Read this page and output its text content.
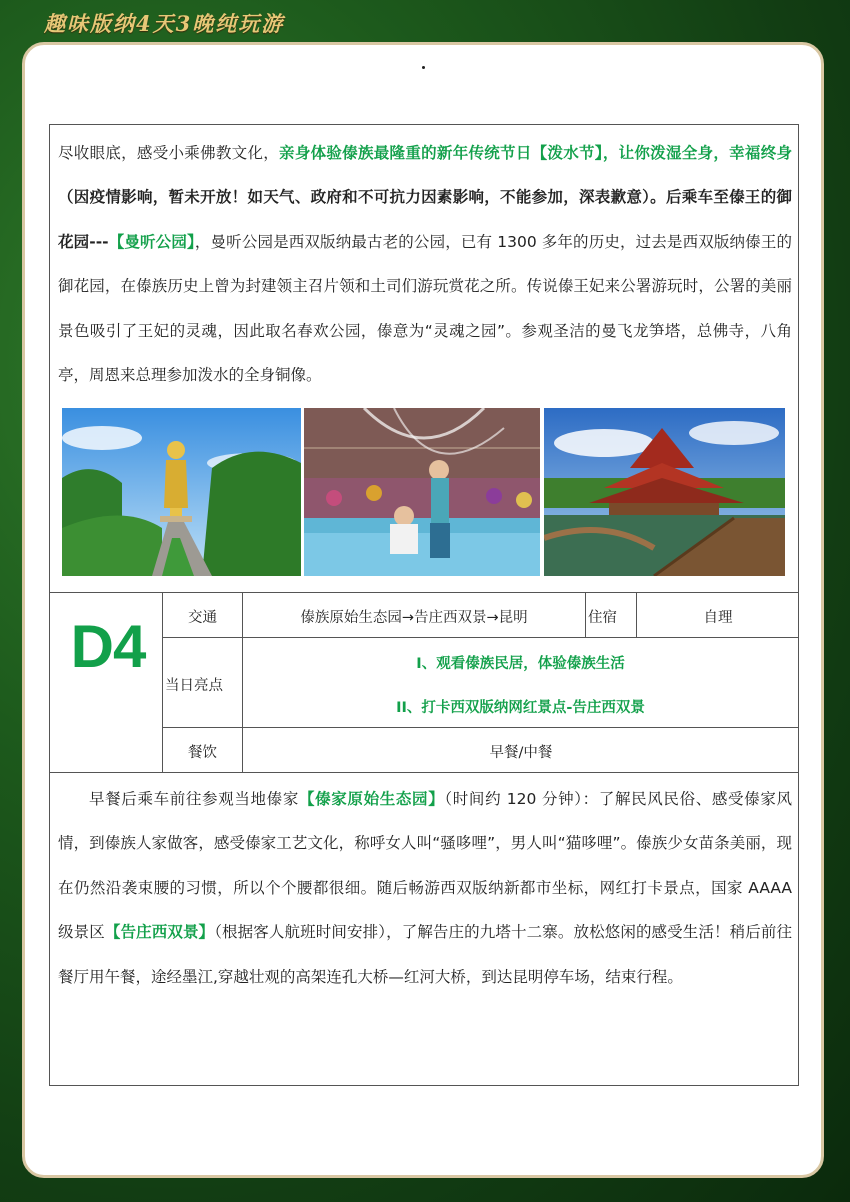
趣味版纳4天3晚纯玩游

尽收眼底，感受小乘佛教文化，亲身体验傣族最隆重的新年传统节日【泼水节】，让你泼湿全身，幸福终身（因疫情影响，暂未开放！如天气、政府和不可抗力因素影响，不能参加，深表歉意）。后乘车至傣王的御花园---【曼听公园】，曼听公园是西双版纳最古老的公园，已有 1300 多年的历史，过去是西双版纳傣王的御花园，在傣族历史上曾为封建领主召片领和土司们游玩赏花之所。传说傣王妃来公署游玩时，公署的美丽景色吸引了王妃的灵魂，因此取名春欢公园，傣意为“灵魂之园”。参观圣洁的曼飞龙笋塔，总佛寺，八角亭，周恩来总理参加泼水的全身铜像。

D4	交通	傣族原始生态园→告庄西双景→昆明	住宿	自理
当日亮点
I、观看傣族民居，体验傣族生活
II、打卡西双版纳网红景点-告庄西双景
餐饮	早餐/中餐

早餐后乘车前往参观当地傣家【傣家原始生态园】（时间约 120 分钟）：了解民风民俗、感受傣家风情，到傣族人家做客，感受傣家工艺文化，称呼女人叫“骚哆哩”，男人叫“猫哆哩”。傣族少女苗条美丽，现在仍然沿袭束腰的习惯，所以个个腰都很细。随后畅游西双版纳新都市坐标，网红打卡景点，国家 AAAA 级景区【告庄西双景】（根据客人航班时间安排），了解告庄的九塔十二寨。放松悠闲的感受生活！稍后前往餐厅用午餐，途经墨江,穿越壮观的高架连孔大桥—红河大桥，到达昆明停车场，结束行程。
